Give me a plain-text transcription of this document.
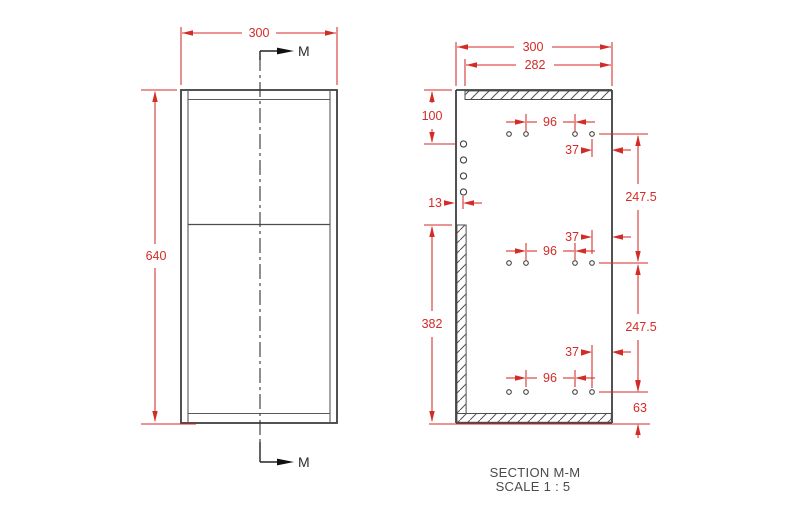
M
M
300
640
300
282
100
13
382
247.5
247.5
63
96
37
37
96
37
96
SECTION M-M
SCALE 1 : 5
